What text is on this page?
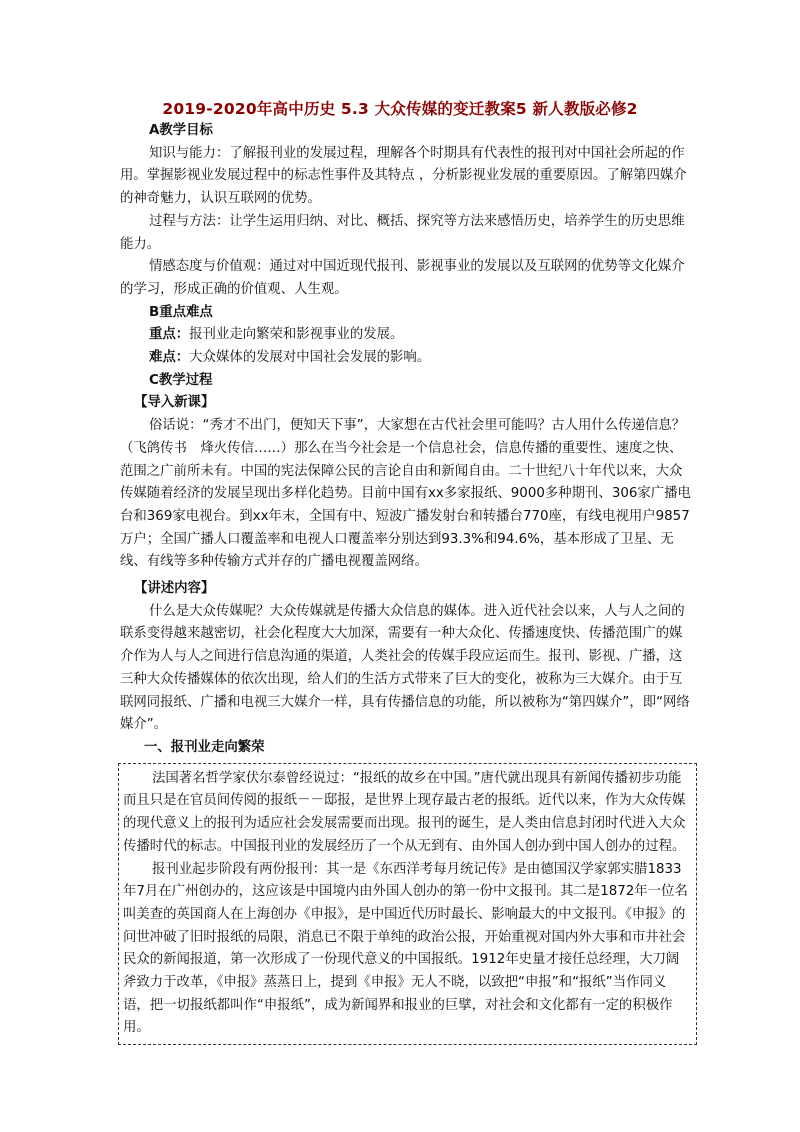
2019-2020年高中历史 5.3 大众传媒的变迁教案5 新人教版必修2

A教学目标

知识与能力：了解报刊业的发展过程，理解各个时期具有代表性的报刊对中国社会所起的作用。掌握影视业发展过程中的标志性事件及其特点 ，分析影视业发展的重要原因。了解第四媒介的神奇魅力，认识互联网的优势。

过程与方法：让学生运用归纳、对比、概括、探究等方法来感悟历史，培养学生的历史思维能力。

情感态度与价值观：通过对中国近现代报刊、影视事业的发展以及互联网的优势等文化媒介的学习，形成正确的价值观、人生观。

B重点难点

重点：报刊业走向繁荣和影视事业的发展。

难点：大众媒体的发展对中国社会发展的影响。

C教学过程

【导入新课】

俗话说：“秀才不出门，便知天下事”，大家想在古代社会里可能吗？古人用什么传递信息？（飞鸽传书　烽火传信……）那么在当今社会是一个信息社会，信息传播的重要性、速度之快、范围之广前所未有。中国的宪法保障公民的言论自由和新闻自由。二十世纪八十年代以来，大众传媒随着经济的发展呈现出多样化趋势。目前中国有xx多家报纸、9000多种期刊、306家广播电台和369家电视台。到xx年末，全国有中、短波广播发射台和转播台770座，有线电视用户9857万户；全国广播人口覆盖率和电视人口覆盖率分别达到93.3%和94.6%，基本形成了卫星、无线、有线等多种传输方式并存的广播电视覆盖网络。

【讲述内容】

什么是大众传媒呢？大众传媒就是传播大众信息的媒体。进入近代社会以来，人与人之间的联系变得越来越密切，社会化程度大大加深，需要有一种大众化、传播速度快、传播范围广的媒介作为人与人之间进行信息沟通的渠道，人类社会的传媒手段应运而生。报刊、影视、广播，这三种大众传播媒体的依次出现，给人们的生活方式带来了巨大的变化，被称为三大媒介。由于互联网同报纸、广播和电视三大媒介一样，具有传播信息的功能，所以被称为“第四媒介”，即“网络媒介”。

一、报刊业走向繁荣

法国著名哲学家伏尔泰曾经说过：“报纸的故乡在中国。”唐代就出现具有新闻传播初步功能而且只是在官员间传阅的报纸－－邸报，是世界上现存最古老的报纸。近代以来，作为大众传媒的现代意义上的报刊为适应社会发展需要而出现。报刊的诞生，是人类由信息封闭时代进入大众传播时代的标志。中国报刊业的发展经历了一个从无到有、由外国人创办到中国人创办的过程。

报刊业起步阶段有两份报刊：其一是《东西洋考每月统记传》是由德国汉学家郭实腊1833年7月在广州创办的，这应该是中国境内由外国人创办的第一份中文报刊。其二是1872年一位名叫美查的英国商人在上海创办《申报》，是中国近代历时最长、影响最大的中文报刊。《申报》的问世冲破了旧时报纸的局限，消息已不限于单纯的政治公报，开始重视对国内外大事和市井社会民众的新闻报道，第一次形成了一份现代意义的中国报纸。1912年史量才接任总经理，大刀阔斧致力于改革，《申报》蒸蒸日上，提到《申报》无人不晓，以致把“申报”和“报纸”当作同义语，把一切报纸都叫作“申报纸”，成为新闻界和报业的巨擘，对社会和文化都有一定的积极作用。
